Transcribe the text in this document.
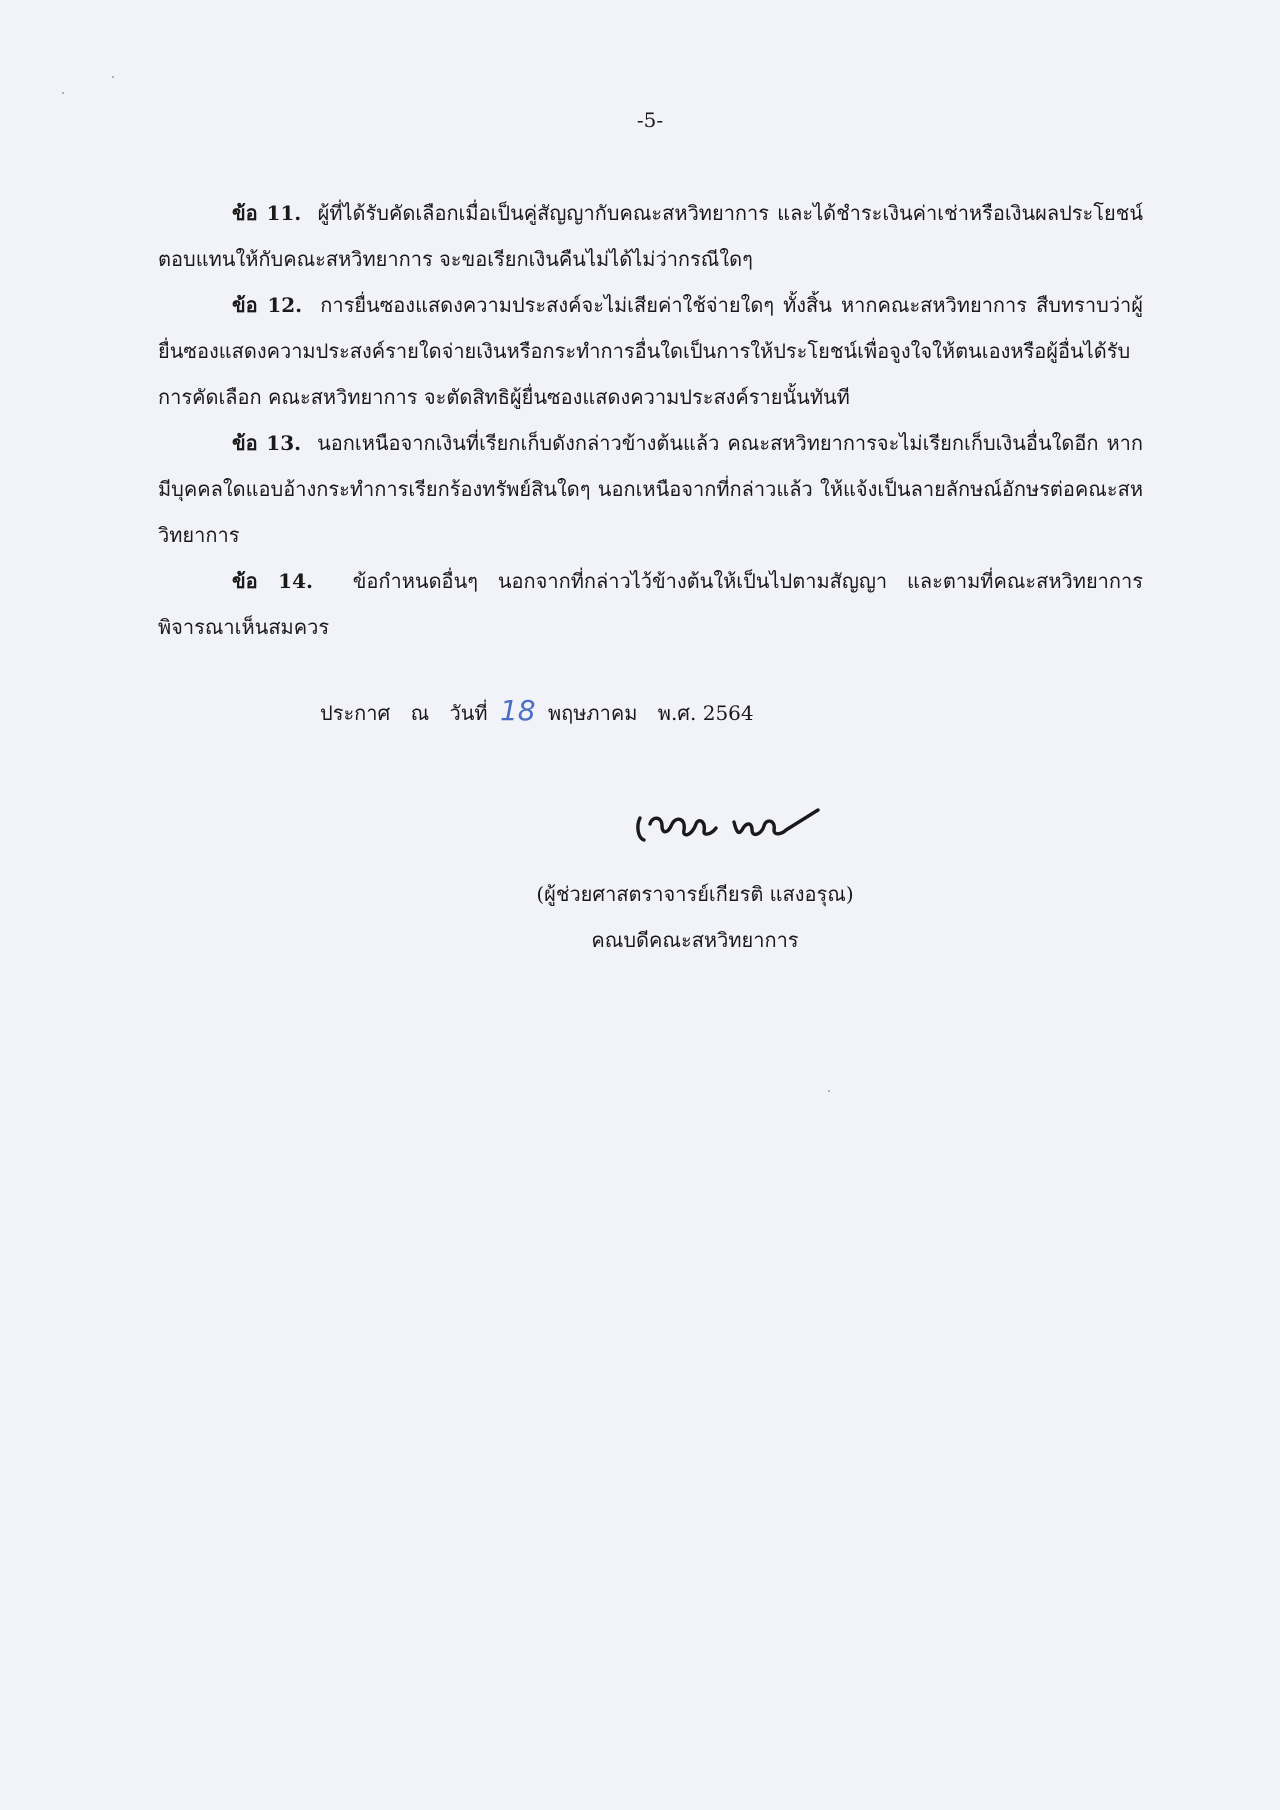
-5-

ข้อ 11. ผู้ที่ได้รับคัดเลือกเมื่อเป็นคู่สัญญากับคณะสหวิทยาการ และได้ชำระเงินค่าเช่าหรือเงินผลประโยชน์ตอบแทนให้กับคณะสหวิทยาการ จะขอเรียกเงินคืนไม่ได้ไม่ว่ากรณีใดๆ

ข้อ 12. การยื่นซองแสดงความประสงค์จะไม่เสียค่าใช้จ่ายใดๆ ทั้งสิ้น หากคณะสหวิทยาการ สืบทราบว่าผู้ยื่นซองแสดงความประสงค์รายใดจ่ายเงินหรือกระทำการอื่นใดเป็นการให้ประโยชน์เพื่อจูงใจให้ตนเองหรือผู้อื่นได้รับการคัดเลือก คณะสหวิทยาการ จะตัดสิทธิผู้ยื่นซองแสดงความประสงค์รายนั้นทันที

ข้อ 13. นอกเหนือจากเงินที่เรียกเก็บดังกล่าวข้างต้นแล้ว คณะสหวิทยาการจะไม่เรียกเก็บเงินอื่นใดอีก หากมีบุคคลใดแอบอ้างกระทำการเรียกร้องทรัพย์สินใดๆ นอกเหนือจากที่กล่าวแล้ว ให้แจ้งเป็นลายลักษณ์อักษรต่อคณะสหวิทยาการ

ข้อ 14. ข้อกำหนดอื่นๆ นอกจากที่กล่าวไว้ข้างต้นให้เป็นไปตามสัญญา และตามที่คณะสหวิทยาการพิจารณาเห็นสมควร

ประกาศ ณ วันที่ 18 พฤษภาคม พ.ศ. 2564
(ผู้ช่วยศาสตราจารย์เกียรติ แสงอรุณ)
คณบดีคณะสหวิทยาการ
